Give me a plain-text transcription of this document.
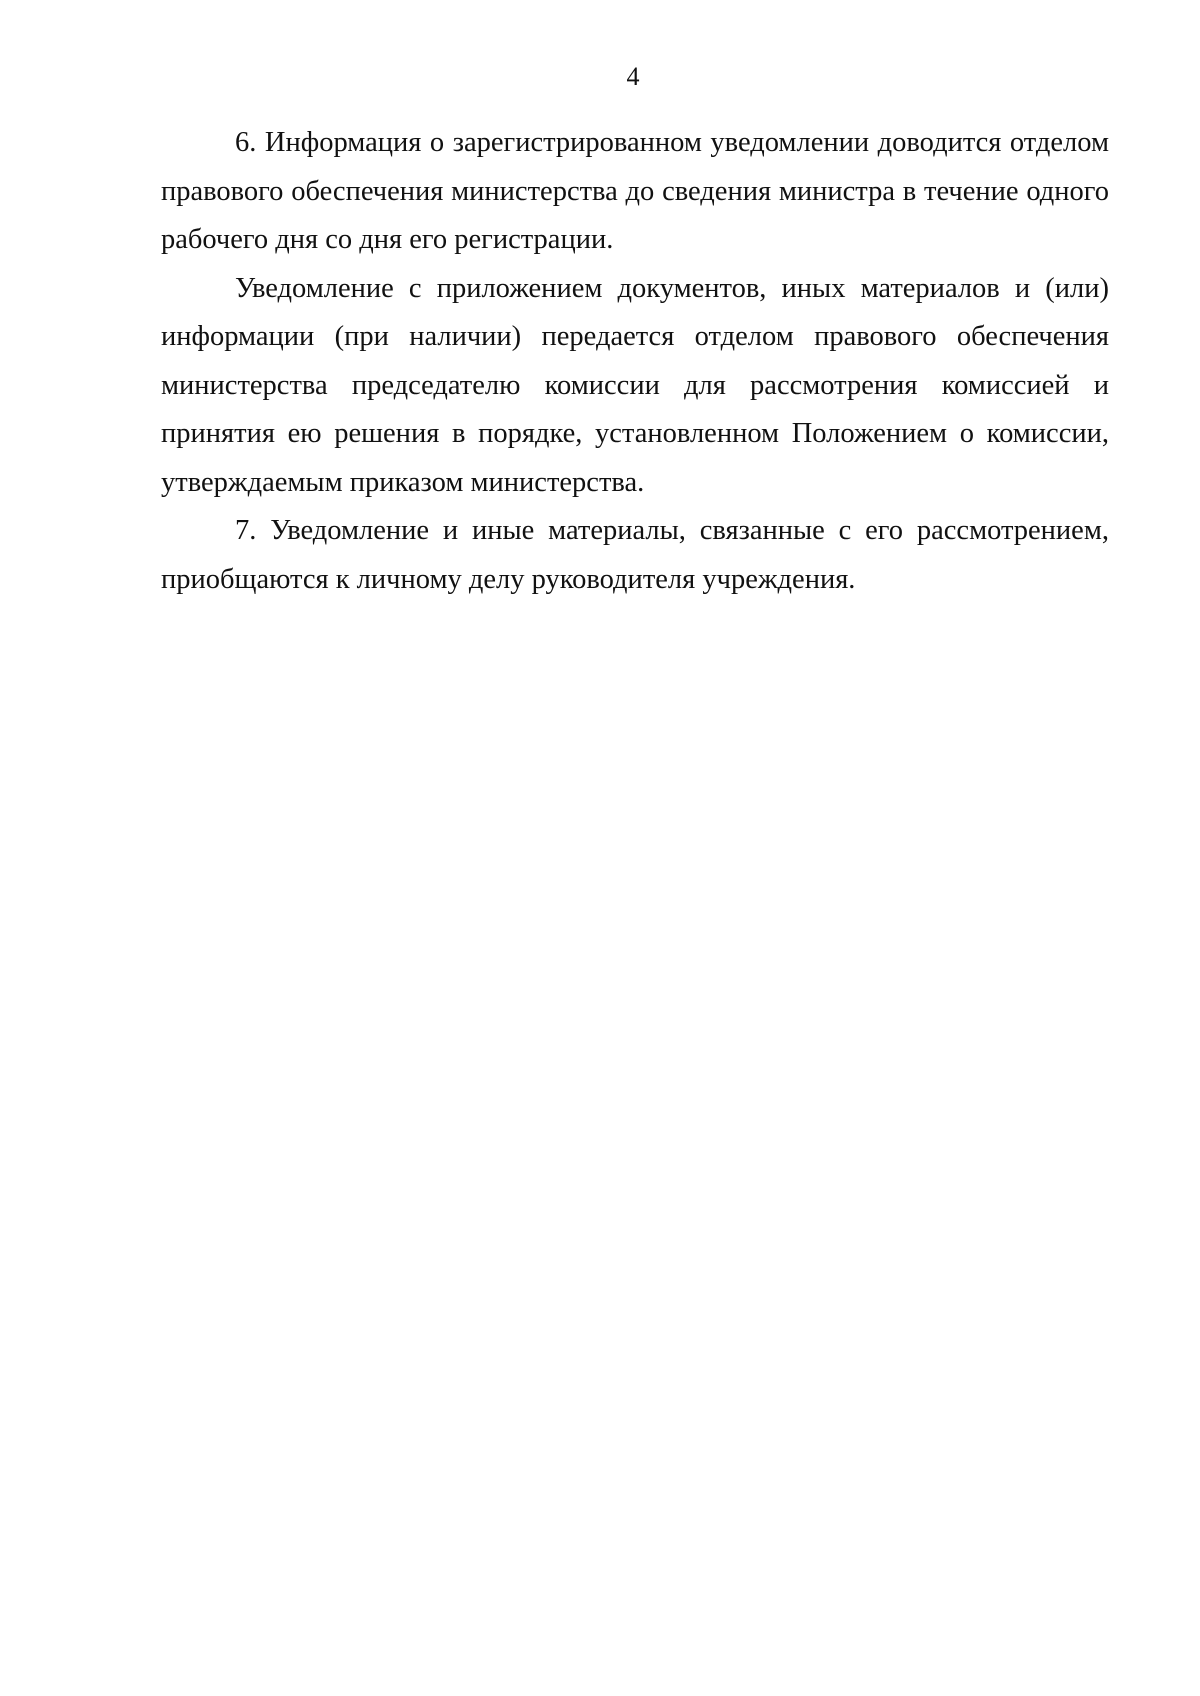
4

6. Информация о зарегистрированном уведомлении доводится отделом правового обеспечения министерства до сведения министра в течение одного рабочего дня со дня его регистрации.

Уведомление с приложением документов, иных материалов и (или) информации (при наличии) передается отделом правового обеспечения министерства председателю комиссии для рассмотрения комиссией и принятия ею решения в порядке, установленном Положением о комиссии, утверждаемым приказом министерства.

7. Уведомление и иные материалы, связанные с его рассмотрением, приобщаются к личному делу руководителя учреждения.
